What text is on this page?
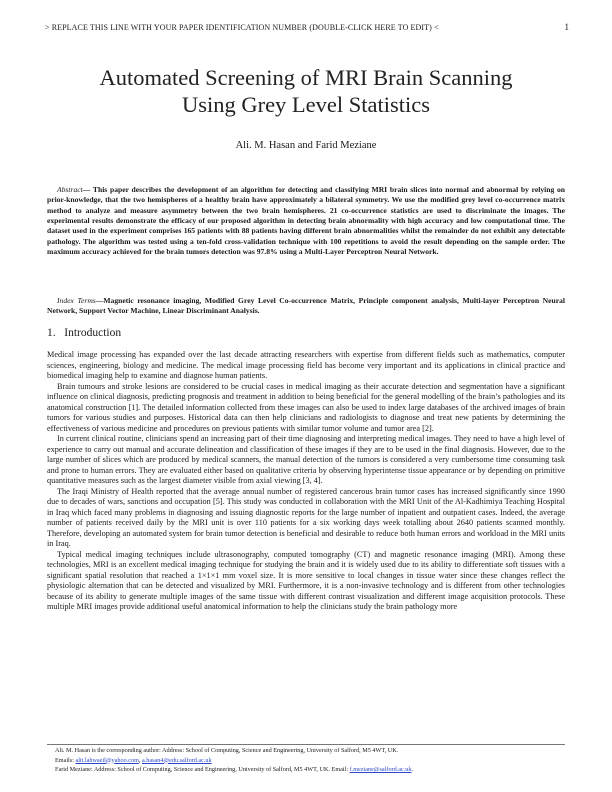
> REPLACE THIS LINE WITH YOUR PAPER IDENTIFICATION NUMBER (DOUBLE-CLICK HERE TO EDIT) <	1
Automated Screening of MRI Brain Scanning
Using Grey Level Statistics
Ali. M. Hasan and Farid Meziane
Abstract— This paper describes the development of an algorithm for detecting and classifying MRI brain slices into normal and abnormal by relying on prior-knowledge, that the two hemispheres of a healthy brain have approximately a bilateral symmetry. We use the modified grey level co-occurrence matrix method to analyze and measure asymmetry between the two brain hemispheres. 21 co-occurrence statistics are used to discriminate the images. The experimental results demonstrate the efficacy of our proposed algorithm in detecting brain abnormality with high accuracy and low computational time. The dataset used in the experiment comprises 165 patients with 88 patients having different brain abnormalities whilst the remainder do not exhibit any detectable pathology. The algorithm was tested using a ten-fold cross-validation technique with 100 repetitions to avoid the result depending on the sample order. The maximum accuracy achieved for the brain tumors detection was 97.8% using a Multi-Layer Perceptron Neural Network.
Index Terms—Magnetic resonance imaging, Modified Grey Level Co-occurrence Matrix, Principle component analysis, Multi-layer Perceptron Neural Network, Support Vector Machine, Linear Discriminant Analysis.
1. Introduction

Medical image processing has expanded over the last decade attracting researchers with expertise from different fields such as mathematics, computer sciences, engineering, biology and medicine. The medical image processing field has become very important and its applications in clinical practice and biomedical imaging help to examine and diagnose human patients.

Brain tumours and stroke lesions are considered to be crucial cases in medical imaging as their accurate detection and segmentation have a significant influence on clinical diagnosis, predicting prognosis and treatment in addition to being beneficial for the general modelling of the brain’s pathologies and its anatomical construction [1]. The detailed information collected from these images can also be used to index large databases of the archived images of brain tumors for various studies and purposes. Historical data can then help clinicians and radiologists to diagnose and treat new patients by determining the effectiveness of various medicine and procedures on previous patients with similar tumor volume and tumor area [2].

In current clinical routine, clinicians spend an increasing part of their time diagnosing and interpreting medical images. They need to have a high level of experience to carry out manual and accurate delineation and classification of these images if they are to be used in the final diagnosis. However, due to the large number of slices which are produced by medical scanners, the manual detection of the tumors is considered a very cumbersome time consuming task and prone to human errors. They are evaluated either based on qualitative criteria by observing hyperintense tissue appearance or by depending on primitive quantitative measures such as the largest diameter visible from axial viewing [3, 4].

The Iraqi Ministry of Health reported that the average annual number of registered cancerous brain tumor cases has increased significantly since 1990 due to decades of wars, sanctions and occupation [5]. This study was conducted in collaboration with the MRI Unit of the Al-Kadhimiya Teaching Hospital in Iraq which faced many problems in diagnosing and issuing diagnostic reports for the large number of inpatient and outpatient cases. Indeed, the average number of patients received daily by the MRI unit is over 110 patients for a six working days week totalling about 2640 patients scanned monthly. Therefore, developing an automated system for brain tumor detection is beneficial and desirable to reduce both human errors and workload in the MRI units in Iraq.

Typical medical imaging techniques include ultrasonography, computed tomography (CT) and magnetic resonance imaging (MRI). Among these technologies, MRI is an excellent medical imaging technique for studying the brain and it is widely used due to its ability to differentiate soft tissues with a significant spatial resolution that reached a 1×1×1 mm voxel size. It is more sensitive to local changes in tissue water since these changes reflect the physiologic alternation that can be detected and visualized by MRI. Furthermore, it is a non-invasive technology and is different from other technologies because of its ability to generate multiple images of the same tissue with different contrast visualization and different image acquisition protocols. These multiple MRI images provide additional useful anatomical information to help the clinicians study the brain pathology more

Ali. M. Hasan is the corresponding author: Address: School of Computing, Science and Engineering, University of Salford, M5 4WT, UK.
Emails: alit.lahwaeil@yahoo.com, a.hasan4@edu.salford.ac.uk
Farid Meziane: Address: School of Computing, Science and Engineering, University of Salford, M5 4WT, UK. Email: f.meziane@salford.ac.uk.
